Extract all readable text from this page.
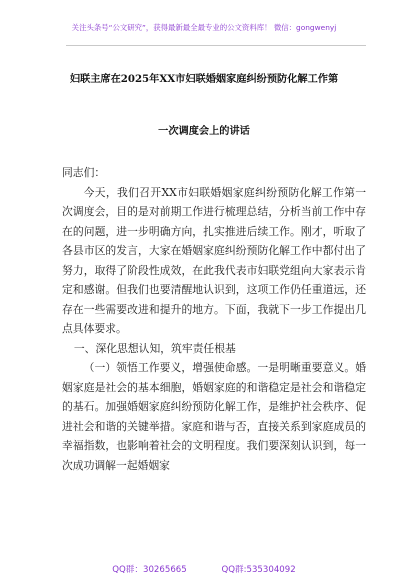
关注头条号“公文研究”，获得最新最全最专业的公文资料库！ 微信：gongwenyj
妇联主席在2025年XX市妇联婚姻家庭纠纷预防化解工作第
一次调度会上的讲话

同志们：

今天，我们召开XX市妇联婚姻家庭纠纷预防化解工作第一次调度会，目的是对前期工作进行梳理总结，分析当前工作中存在的问题，进一步明确方向，扎实推进后续工作。刚才，听取了各县市区的发言，大家在婚姻家庭纠纷预防化解工作中都付出了努力，取得了阶段性成效，在此我代表市妇联党组向大家表示肯定和感谢。但我们也要清醒地认识到，这项工作仍任重道远，还存在一些需要改进和提升的地方。下面，我就下一步工作提出几点具体要求。

一、深化思想认知，筑牢责任根基

（一）领悟工作要义，增强使命感。一是明晰重要意义。婚姻家庭是社会的基本细胞，婚姻家庭的和谐稳定是社会和谐稳定的基石。加强婚姻家庭纠纷预防化解工作，是维护社会秩序、促进社会和谐的关键举措。家庭和谐与否，直接关系到家庭成员的幸福指数，也影响着社会的文明程度。我们要深刻认识到，每一次成功调解一起婚姻家

QQ群：30265665	QQ群:535304092
